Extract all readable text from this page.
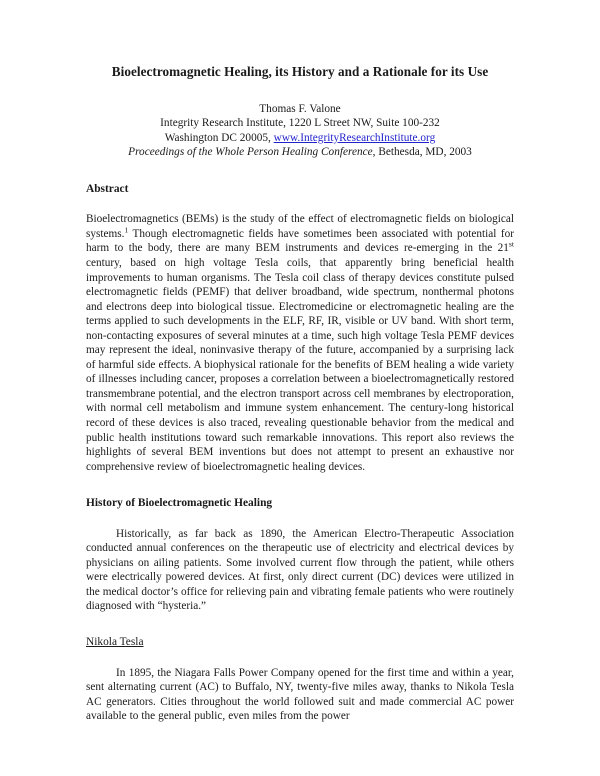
Bioelectromagnetic Healing, its History and a Rationale for its Use
Thomas F. Valone
Integrity Research Institute, 1220 L Street NW, Suite 100-232
Washington DC 20005, www.IntegrityResearchInstitute.org
Proceedings of the Whole Person Healing Conference, Bethesda, MD, 2003
Abstract

Bioelectromagnetics (BEMs) is the study of the effect of electromagnetic fields on biological systems.$^1$ Though electromagnetic fields have sometimes been associated with potential for harm to the body, there are many BEM instruments and devices re-emerging in the 21st century, based on high voltage Tesla coils, that apparently bring beneficial health improvements to human organisms. The Tesla coil class of therapy devices constitute pulsed electromagnetic fields (PEMF) that deliver broadband, wide spectrum, nonthermal photons and electrons deep into biological tissue. Electromedicine or electromagnetic healing are the terms applied to such developments in the ELF, RF, IR, visible or UV band. With short term, non-contacting exposures of several minutes at a time, such high voltage Tesla PEMF devices may represent the ideal, noninvasive therapy of the future, accompanied by a surprising lack of harmful side effects. A biophysical rationale for the benefits of BEM healing a wide variety of illnesses including cancer, proposes a correlation between a bioelectromagnetically restored transmembrane potential, and the electron transport across cell membranes by electroporation, with normal cell metabolism and immune system enhancement. The century-long historical record of these devices is also traced, revealing questionable behavior from the medical and public health institutions toward such remarkable innovations. This report also reviews the highlights of several BEM inventions but does not attempt to present an exhaustive nor comprehensive review of bioelectromagnetic healing devices.

History of Bioelectromagnetic Healing

Historically, as far back as 1890, the American Electro-Therapeutic Association conducted annual conferences on the therapeutic use of electricity and electrical devices by physicians on ailing patients. Some involved current flow through the patient, while others were electrically powered devices. At first, only direct current (DC) devices were utilized in the medical doctor’s office for relieving pain and vibrating female patients who were routinely diagnosed with “hysteria.”

Nikola Tesla

In 1895, the Niagara Falls Power Company opened for the first time and within a year, sent alternating current (AC) to Buffalo, NY, twenty-five miles away, thanks to Nikola Tesla AC generators. Cities throughout the world followed suit and made commercial AC power available to the general public, even miles from the power
